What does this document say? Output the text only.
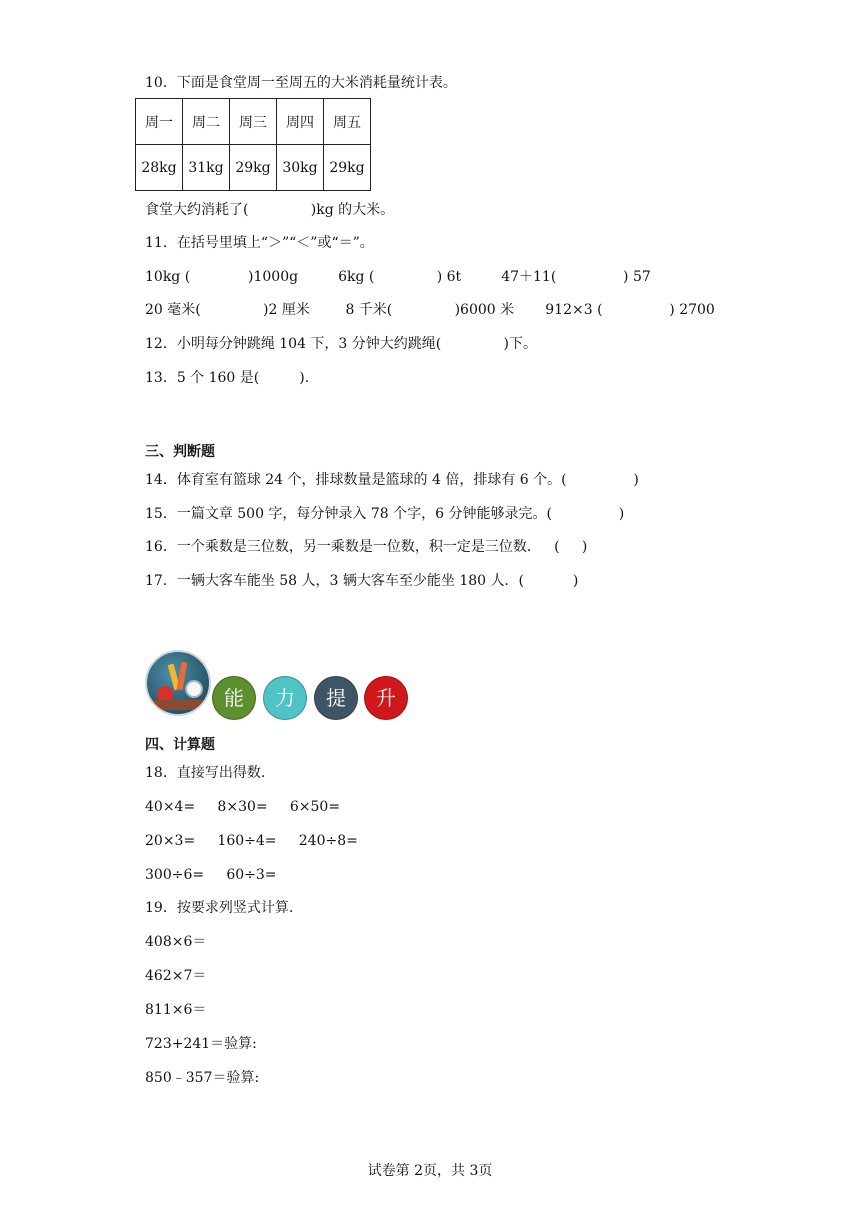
10．下面是食堂周一至周五的大米消耗量统计表。
周一	周二	周三	周四	周五
28kg	31kg	29kg	30kg	29kg
食堂大约消耗了(              )kg 的大米。
11．在括号里填上“＞”“＜”或“＝”。
10kg (             )1000g         6kg (              ) 6t         47＋11(               ) 57
20 毫米(              )2 厘米        8 千米(              )6000 米       912×3 (               ) 2700
12．小明每分钟跳绳 104 下，3 分钟大约跳绳(              )下。
13．5 个 160 是(         ).
三、判断题
14．体育室有篮球 24 个，排球数量是篮球的 4 倍，排球有 6 个。(               )
15．一篇文章 500 字，每分钟录入 78 个字，6 分钟能够录完。(               )
16．一个乘数是三位数，另一乘数是一位数，积一定是三位数．   (     )
17．一辆大客车能坐 58 人，3 辆大客车至少能坐 180 人．(           )
能	力	提	升
四、计算题
18．直接写出得数.
40×4=     8×30=     6×50=
20×3=     160÷4=     240÷8=
300÷6=     60÷3=
19．按要求列竖式计算.
408×6＝
462×7＝
811×6＝
723+241＝验算:
850﹣357＝验算:
试卷第 2页，共 3页
